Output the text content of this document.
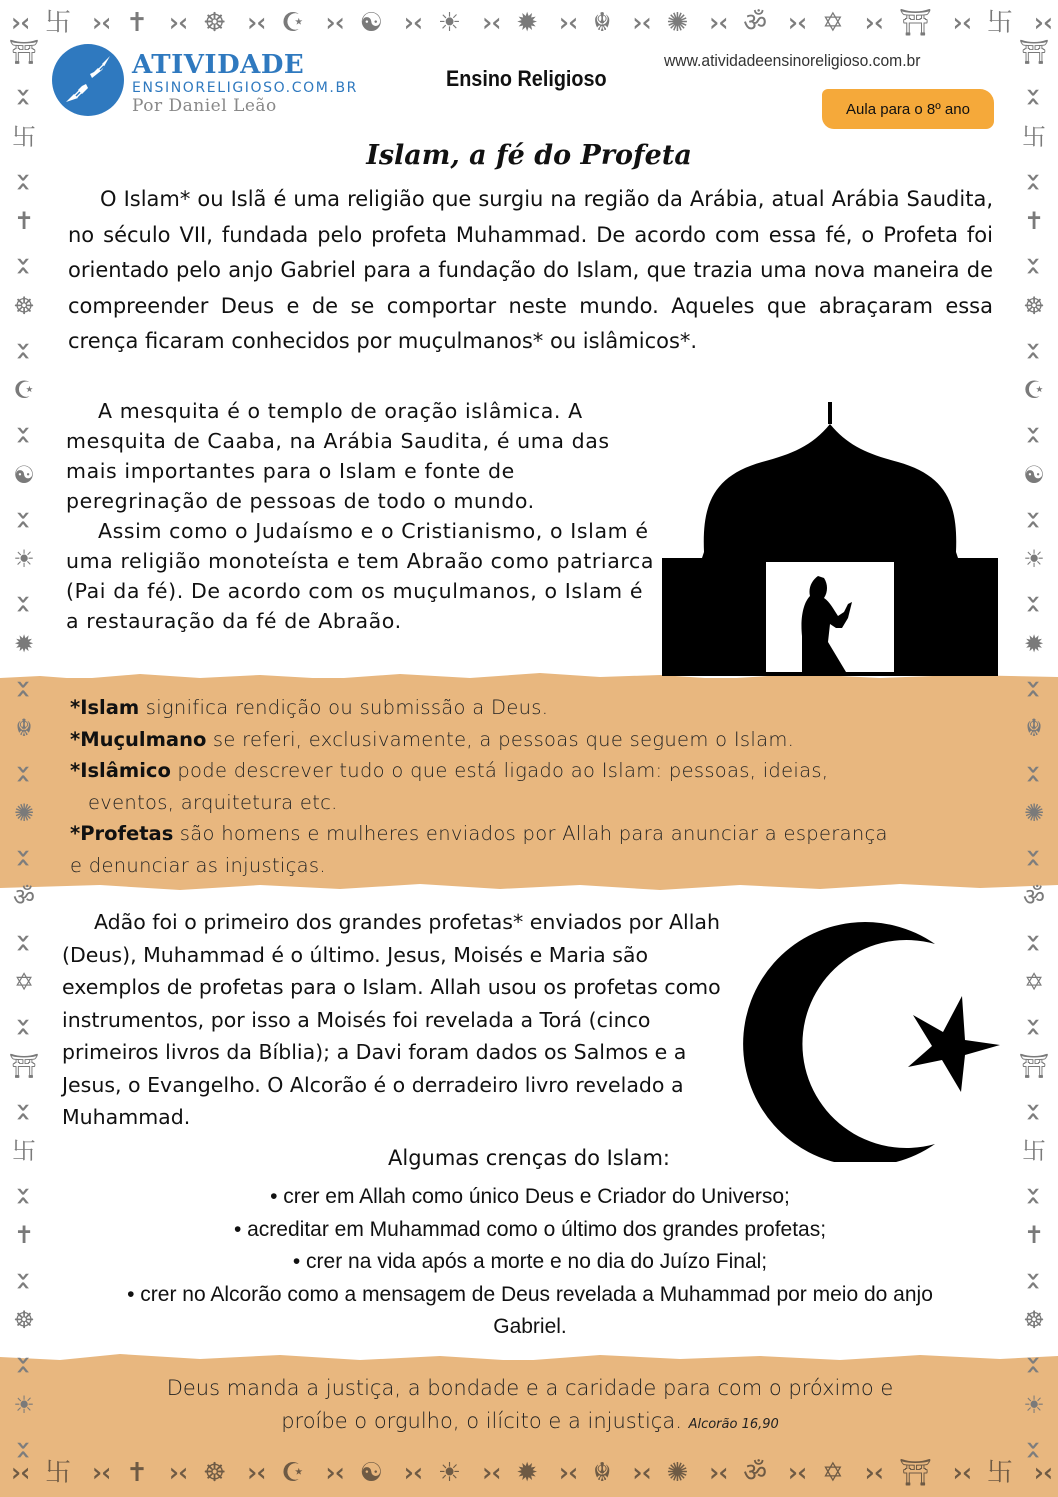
›‹ 卐 ›‹ ✝ ›‹ ☸ ›‹ ☪ ›‹ ☯ ›‹ ☀ ›‹ ✹ ›‹ ☬ ›‹ ✺ ›‹ ॐ ›‹ ✡ ›‹ ⛩ ›‹ 卐 ›‹
›‹ 卐 ›‹ ✝ ›‹ ☸ ›‹ ☪ ›‹ ☯ ›‹ ☀ ›‹ ✹ ›‹ ☬ ›‹ ✺ ›‹ ॐ ›‹ ✡ ›‹ ⛩ ›‹ 卐 ›‹
⛩
›‹
卐
›‹
✝
›‹
☸
›‹
☪
›‹
☯
›‹
☀
›‹
✹
›‹
☬
›‹
✺
›‹
ॐ
›‹
✡
›‹
⛩
›‹
卐
›‹
✝
›‹
☸
›‹
☀
›‹
⛩
›‹
卐
›‹
✝
›‹
☸
›‹
☪
›‹
☯
›‹
☀
›‹
✹
›‹
☬
›‹
✺
›‹
ॐ
›‹
✡
›‹
⛩
›‹
卐
›‹
✝
›‹
☸
›‹
☀
›‹
ATIVIDADE
ENSINORELIGIOSO.COM.BR
Por Daniel Leão
Ensino Religioso
www.atividadeensinoreligioso.com.br
Aula para o 8º ano
Islam, a fé do Profeta
O Islam* ou Islã é uma religião que surgiu na região da Arábia, atual Arábia Saudita, no século VII, fundada pelo profeta Muhammad. De acordo com essa fé, o Profeta foi orientado pelo anjo Gabriel para a fundação do Islam, que trazia uma nova maneira de compreender Deus e de se comportar neste mundo. Aqueles que abraçaram essa crença ficaram conhecidos por muçulmanos* ou islâmicos*.
A mesquita é o templo de oração islâmica. A mesquita de Caaba, na Arábia Saudita, é uma das mais importantes para o Islam e fonte de peregrinação de pessoas de todo o mundo.
Assim como o Judaísmo e o Cristianismo, o Islam é uma religião monoteísta e tem Abraão como patriarca (Pai da fé). De acordo com os muçulmanos, o Islam é a restauração da fé de Abraão.
*Islam significa rendição ou submissão a Deus.
*Muçulmano se referi, exclusivamente, a pessoas que seguem o Islam.
*Islâmico pode descrever tudo o que está ligado ao Islam: pessoas, ideias,
eventos, arquitetura etc.
*Profetas são homens e mulheres enviados por Allah para anunciar a esperança
e denunciar as injustiças.
Adão foi o primeiro dos grandes profetas* enviados por Allah (Deus), Muhammad é o último. Jesus, Moisés e Maria são exemplos de profetas para o Islam. Allah usou os profetas como instrumentos, por isso a Moisés foi revelada a Torá (cinco primeiros livros da Bíblia); a Davi foram dados os Salmos e a Jesus, o Evangelho. O Alcorão é o derradeiro livro revelado a Muhammad.
Algumas crenças do Islam:
• crer em Allah como único Deus e Criador do Universo;
• acreditar em Muhammad como o último dos grandes profetas;
• crer na vida após a morte e no dia do Juízo Final;
• crer no Alcorão como a mensagem de Deus revelada a Muhammad por meio do anjo Gabriel.
Deus manda a justiça, a bondade e a caridade para com o próximo e
proíbe o orgulho, o ilícito e a injustiça. Alcorão 16,90
